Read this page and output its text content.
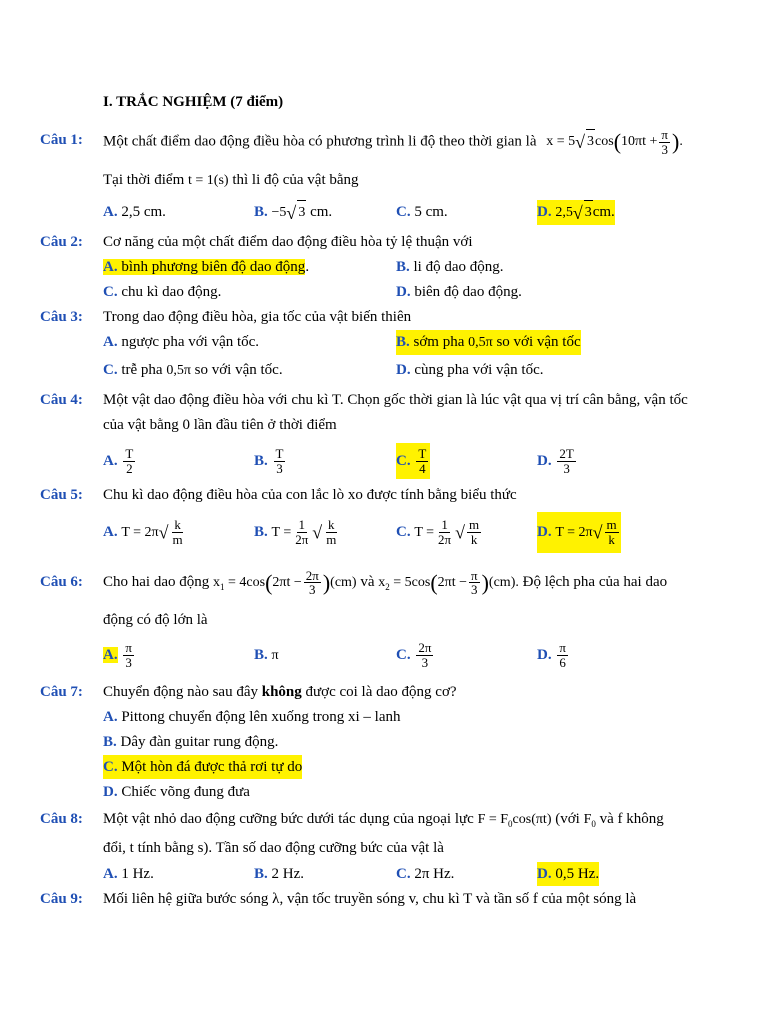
I. TRẮC NGHIỆM (7 điểm)
Câu 1: Một chất điểm dao động điều hòa có phương trình li độ theo thời gian là x = 5√ $3\cos(10\pi t + \frac{\pi}{3}$ ).
Tại thời điểm t = 1(s) thì li độ của vật bằng
A. 2,5 cm.	B. −5√ 3 cm.	C. 5 cm.	D. 2,5√ 3cm.
Câu 2: Cơ năng của một chất điểm dao động điều hòa tỷ lệ thuận với
A. bình phương biên độ dao động.	B. li độ dao động.
C. chu kì dao động.	D. biên độ dao động.
Câu 3: Trong dao động điều hòa, gia tốc của vật biến thiên
A. ngược pha với vận tốc.	B. sớm pha 0,5π so với vận tốc
C. trễ pha 0,5π so với vận tốc.	D. cùng pha với vận tốc.
Câu 4: Một vật dao động điều hòa với chu kì T. Chọn gốc thời gian là lúc vật qua vị trí cân bằng, vận tốc
của vật bằng 0 lần đầu tiên ở thời điểm
A. $\frac{T}{2}$	B. $\frac{T}{3}$	C. $\frac{T}{4}$	D. $\frac{2T}{3}$
Câu 5: Chu kì dao động điều hòa của con lắc lò xo được tính bằng biểu thức
A. $T = 2\pi√ \frac{k}{m}$	B. $T = \frac{1}{2\pi}$ √ $\frac{k}{m}$	C. $T = \frac{1}{2\pi}$ √ $\frac{m}{k}$	D. $T = 2\pi√ \frac{m}{k}$
Câu 6: Cho hai dao động $x_1 = 4\cos(2\pi t - \frac{2\pi}{3} )(cm)$ và $x_2 = 5\cos(2\pi t - \frac{\pi}{3} )(cm)$. Độ lệch pha của hai dao
động có độ lớn là
A. $\frac{\pi}{3}$	B. π	C. $\frac{2\pi}{3}$	D. $\frac{\pi}{6}$
Câu 7: Chuyển động nào sau đây không được coi là dao động cơ?
A. Pittong chuyển động lên xuống trong xi – lanh
B. Dây đàn guitar rung động.
C. Một hòn đá được thả rơi tự do
D. Chiếc võng đung đưa
Câu 8: Một vật nhỏ dao động cưỡng bức dưới tác dụng của ngoại lực $F = F_0\cos(\pi t)$ (với $F_0$ và f không
đổi, t tính bằng s). Tần số dao động cưỡng bức của vật là
A. 1 Hz.	B. 2 Hz.	C. 2π Hz.	D. 0,5 Hz.
Câu 9: Mối liên hệ giữa bước sóng λ, vận tốc truyền sóng v, chu kì T và tần số f của một sóng là
